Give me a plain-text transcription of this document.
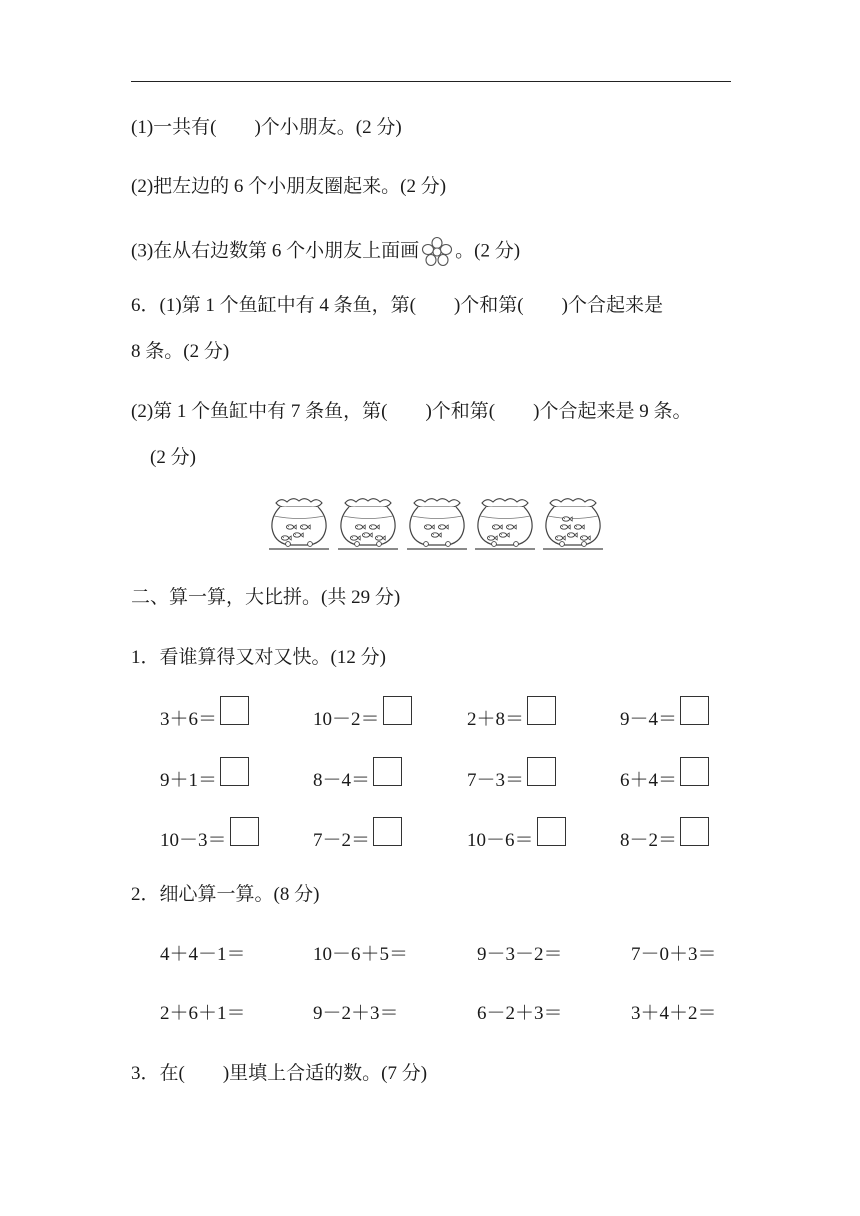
(1)一共有(　　)个小朋友。(2 分)
(2)把左边的 6 个小朋友圈起来。(2 分)
(3)在从右边数第 6 个小朋友上面画 。(2 分)
6．(1)第 1 个鱼缸中有 4 条鱼，第(　　)个和第(　　)个合起来是
8 条。(2 分)
(2)第 1 个鱼缸中有 7 条鱼，第(　　)个和第(　　)个合起来是 9 条。
(2 分)
二、算一算，大比拼。(共 29 分)
1．看谁算得又对又快。(12 分)
3＋6＝	10－2＝	2＋8＝	9－4＝
9＋1＝	8－4＝	7－3＝	6＋4＝
10－3＝	7－2＝	10－6＝	8－2＝
2．细心算一算。(8 分)
4＋4－1＝	10－6＋5＝	9－3－2＝	7－0＋3＝
2＋6＋1＝	9－2＋3＝	6－2＋3＝	3＋4＋2＝
3．在(　　)里填上合适的数。(7 分)
